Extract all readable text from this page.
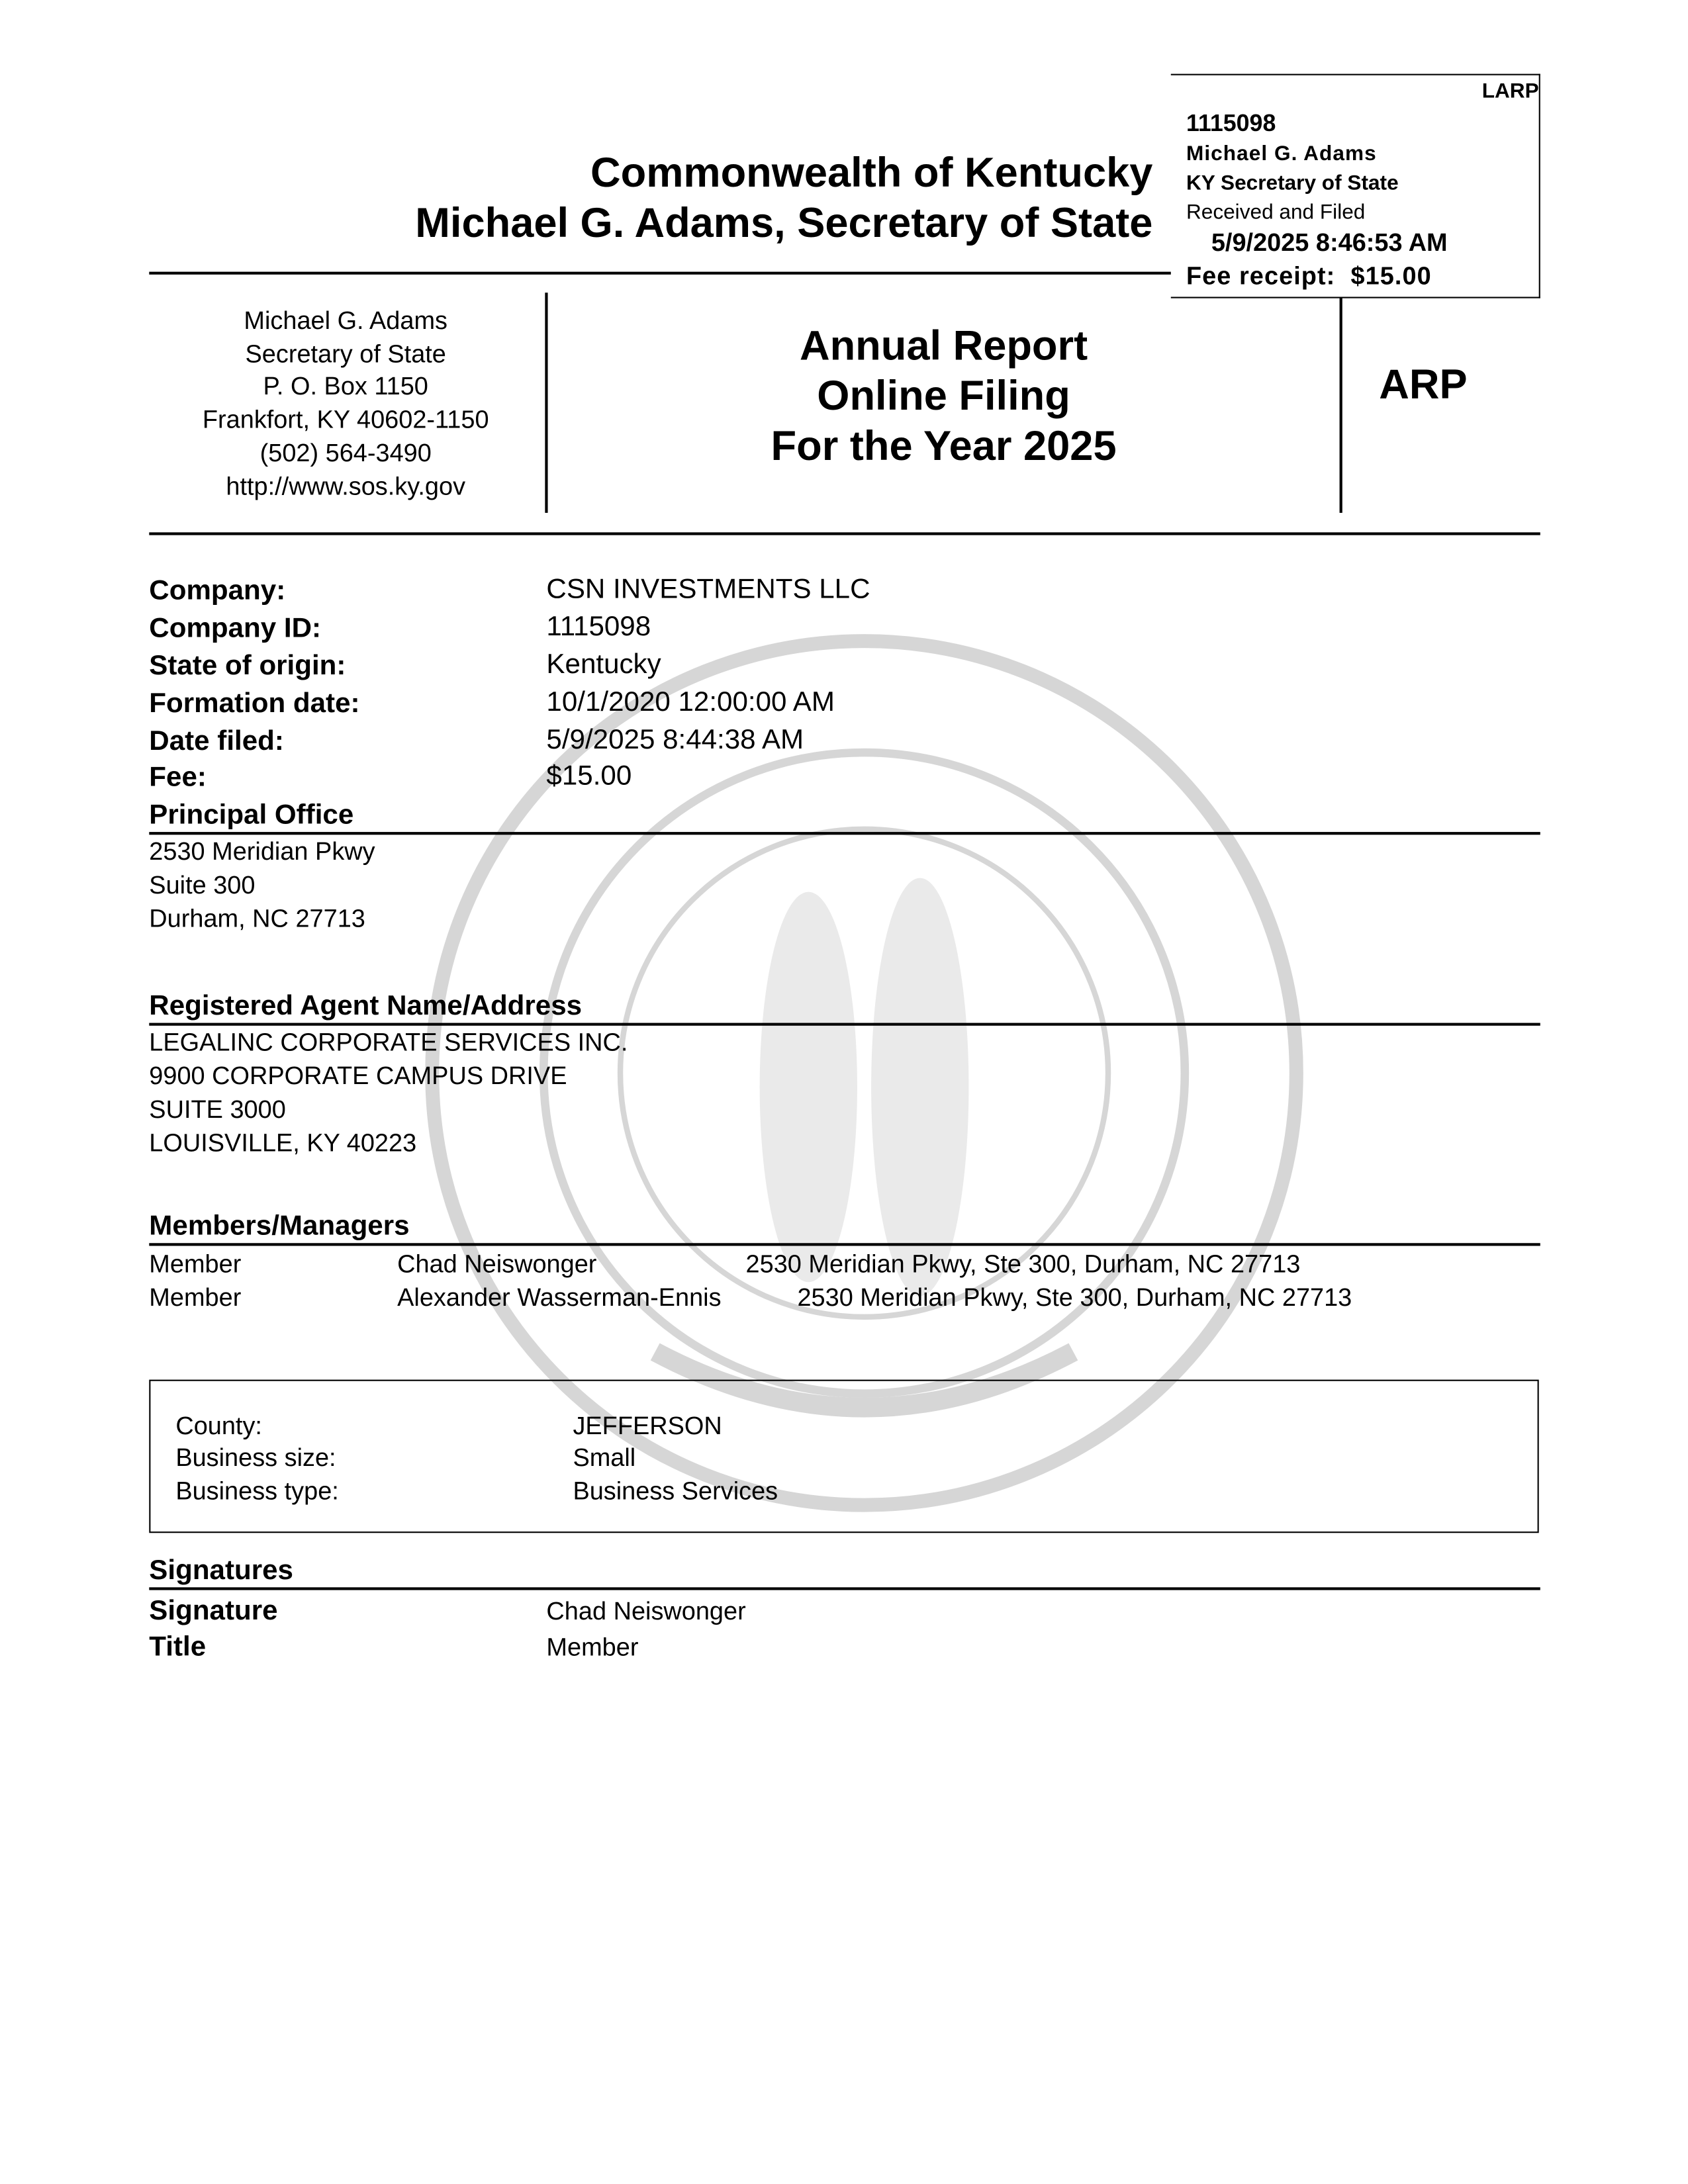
Commonwealth of Kentucky
Michael G. Adams, Secretary of State
LARP
1115098
Michael G. Adams
KY Secretary of State
Received and Filed
5/9/2025 8:46:53 AM
Fee receipt:  $15.00
Michael G. Adams
Secretary of State
P. O. Box 1150
Frankfort, KY 40602-1150
(502) 564-3490
http://www.sos.ky.gov
Annual Report
Online Filing
For the Year 2025
ARP
Company:	CSN INVESTMENTS LLC
Company ID:	1115098
State of origin:	Kentucky
Formation date:	10/1/2020 12:00:00 AM
Date filed:	5/9/2025 8:44:38 AM
Fee:	$15.00
Principal Office
2530 Meridian Pkwy
Suite 300
Durham, NC 27713
Registered Agent Name/Address
LEGALINC CORPORATE SERVICES INC.
9900 CORPORATE CAMPUS DRIVE
SUITE 3000
LOUISVILLE, KY 40223
Members/Managers
Member	Chad Neiswonger	2530 Meridian Pkwy, Ste 300, Durham, NC 27713
Member	Alexander Wasserman-Ennis	2530 Meridian Pkwy, Ste 300, Durham, NC 27713
County:	JEFFERSON
Business size:	Small
Business type:	Business Services
Signatures
Signature	Chad Neiswonger
Title	Member
